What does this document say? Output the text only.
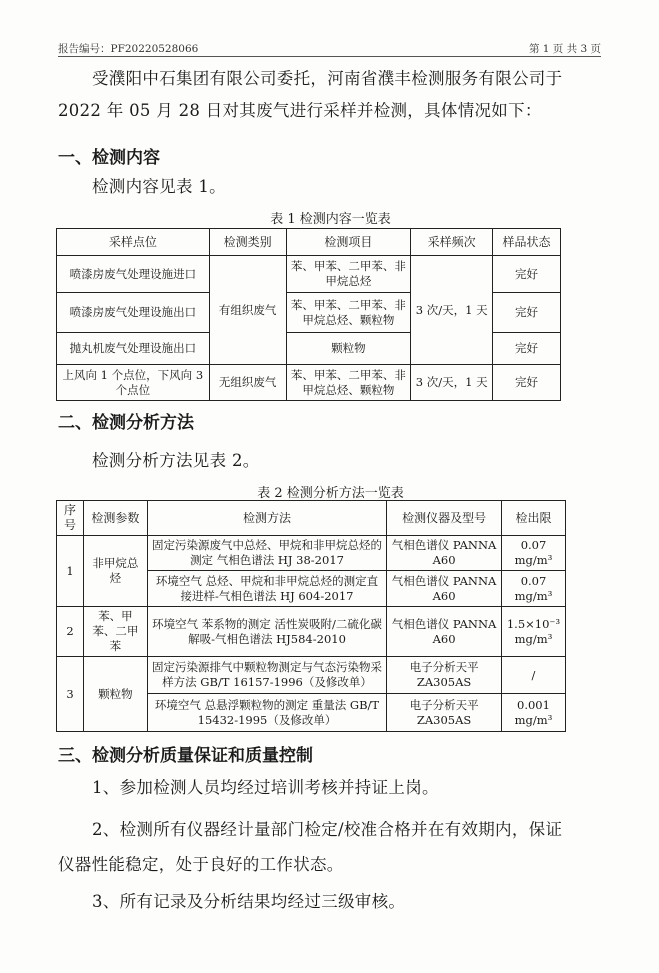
报告编号：PF20220528066	第 1 页 共 3 页

受濮阳中石集团有限公司委托，河南省濮丰检测服务有限公司于

2022 年 05 月 28 日对其废气进行采样并检测，具体情况如下：

一、检测内容

检测内容见表 1。

表 1 检测内容一览表
采样点位	检测类别	检测项目	采样频次	样品状态
喷漆房废气处理设施进口	有组织废气	苯、甲苯、二甲苯、非甲烷总烃	3 次/天，1 天	完好
喷漆房废气处理设施出口		苯、甲苯、二甲苯、非甲烷总烃、颗粒物		完好
抛丸机废气处理设施出口		颗粒物		完好
上风向 1 个点位，下风向 3 个点位	无组织废气	苯、甲苯、二甲苯、非甲烷总烃、颗粒物	3 次/天，1 天	完好
二、检测分析方法

检测分析方法见表 2。

表 2 检测分析方法一览表
序号	检测参数	检测方法	检测仪器及型号	检出限
1	非甲烷总烃	固定污染源废气中总烃、甲烷和非甲烷总烃的测定 气相色谱法 HJ 38-2017	气相色谱仪 PANNA A60	0.07 mg/m³
		环境空气 总烃、甲烷和非甲烷总烃的测定直接进样-气相色谱法 HJ 604-2017	气相色谱仪 PANNA A60	0.07 mg/m³
2	苯、甲苯、二甲苯	环境空气 苯系物的测定 活性炭吸附/二硫化碳解吸-气相色谱法 HJ584-2010	气相色谱仪 PANNA A60	1.5×10⁻³ mg/m³
3	颗粒物	固定污染源排气中颗粒物测定与气态污染物采样方法 GB/T 16157-1996（及修改单）	电子分析天平 ZA305AS	/
		环境空气 总悬浮颗粒物的测定 重量法 GB/T 15432-1995（及修改单）	电子分析天平 ZA305AS	0.001 mg/m³
三、检测分析质量保证和质量控制

1、参加检测人员均经过培训考核并持证上岗。

2、检测所有仪器经计量部门检定/校准合格并在有效期内，保证

仪器性能稳定，处于良好的工作状态。

3、所有记录及分析结果均经过三级审核。
